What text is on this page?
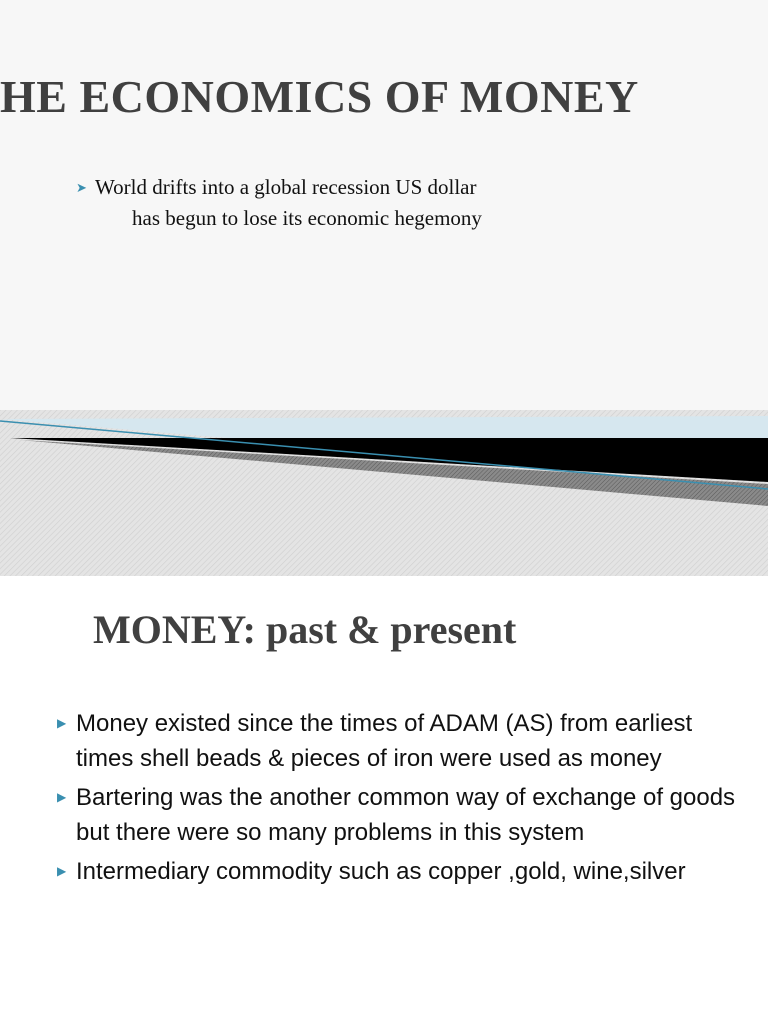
HE ECONOMICS OF MONEY
➤ World drifts into a global recession US dollar
has begun to lose its economic hegemony
MONEY: past & present
▶ Money existed since the times of ADAM (AS) from earliest times shell beads & pieces of iron were used as money
▶ Bartering was the another common way of exchange of goods but there were so many problems in this system
▶ Intermediary commodity such as copper ,gold, wine,silver
